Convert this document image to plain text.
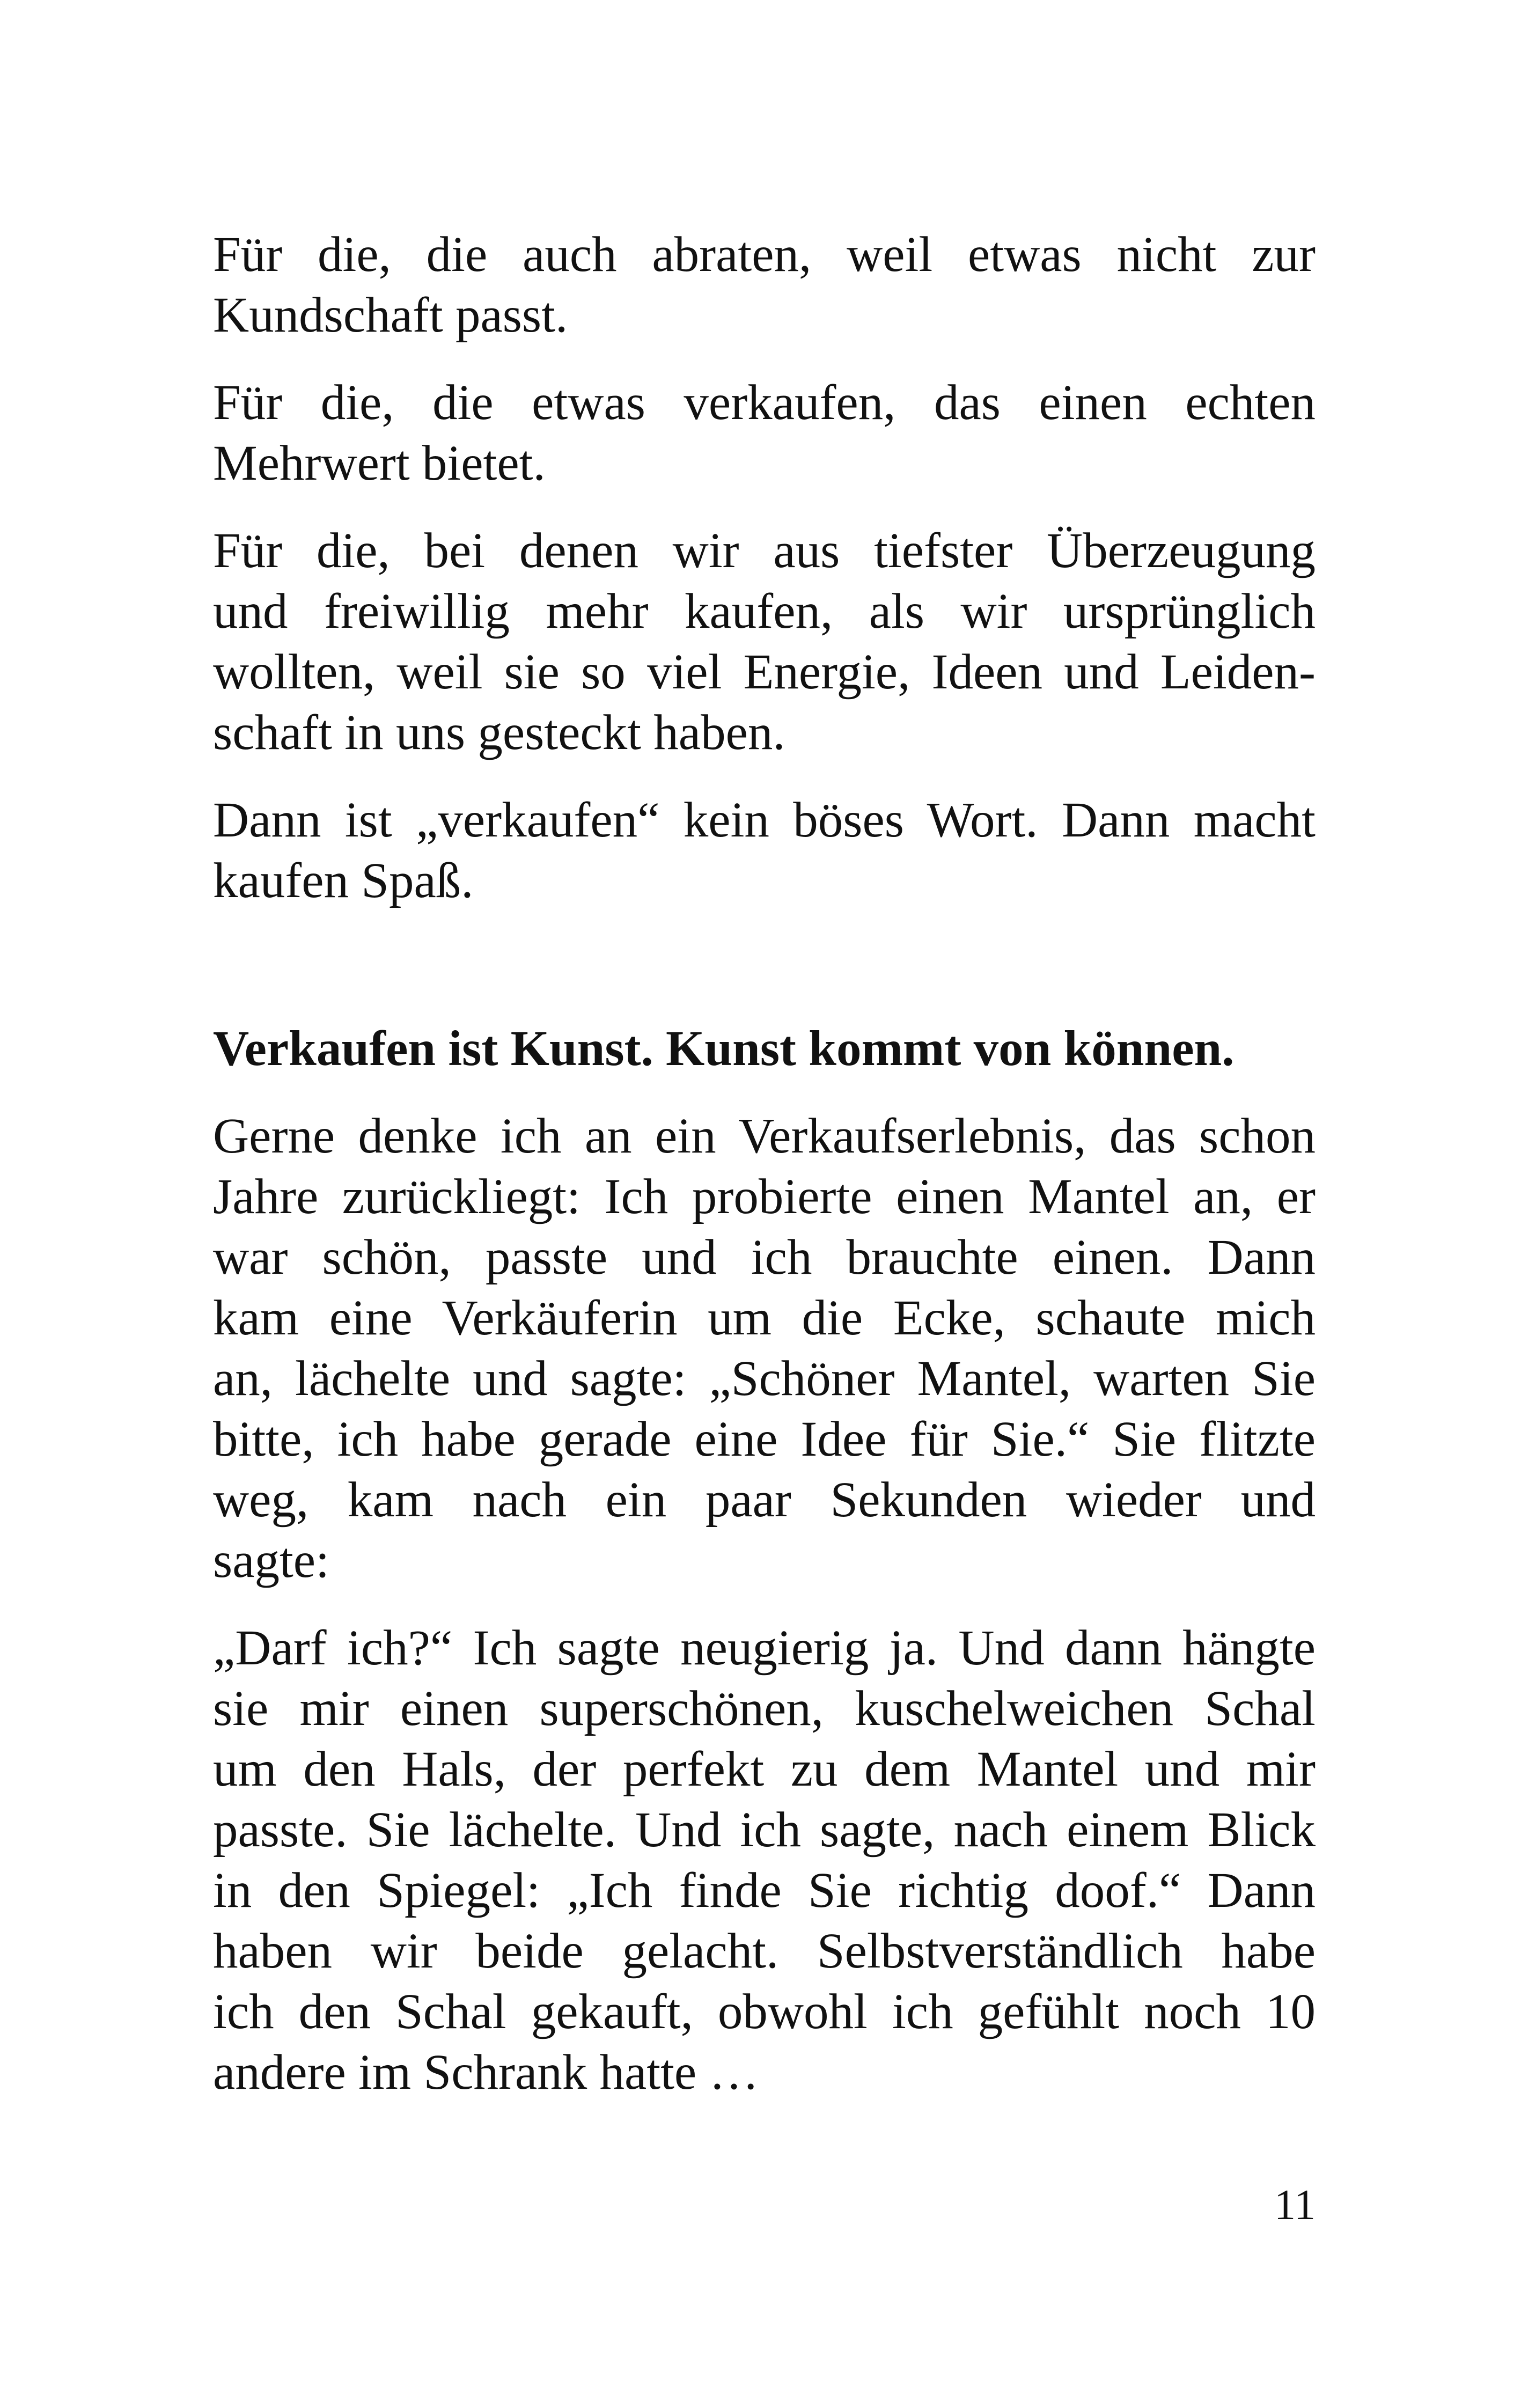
Für die, die auch abraten, weil etwas nicht zur
Kundschaft passt.
Für die, die etwas verkaufen, das einen echten
Mehrwert bietet.
Für die, bei denen wir aus tiefster Überzeugung
und freiwillig mehr kaufen, als wir ursprünglich
wollten, weil sie so viel Energie, Ideen und Leiden-
schaft in uns gesteckt haben.
Dann ist „verkaufen“ kein böses Wort. Dann macht
kaufen Spaß.
Verkaufen ist Kunst. Kunst kommt von können.
Gerne denke ich an ein Verkaufserlebnis, das schon
Jahre zurückliegt: Ich probierte einen Mantel an, er
war schön, passte und ich brauchte einen. Dann
kam eine Verkäuferin um die Ecke, schaute mich
an, lächelte und sagte: „Schöner Mantel, warten Sie
bitte, ich habe gerade eine Idee für Sie.“ Sie flitzte
weg, kam nach ein paar Sekunden wieder und
sagte:
„Darf ich?“ Ich sagte neugierig ja. Und dann hängte
sie mir einen superschönen, kuschelweichen Schal
um den Hals, der perfekt zu dem Mantel und mir
passte. Sie lächelte. Und ich sagte, nach einem Blick
in den Spiegel: „Ich finde Sie richtig doof.“ Dann
haben wir beide gelacht. Selbstverständlich habe
ich den Schal gekauft, obwohl ich gefühlt noch 10
andere im Schrank hatte …
11
